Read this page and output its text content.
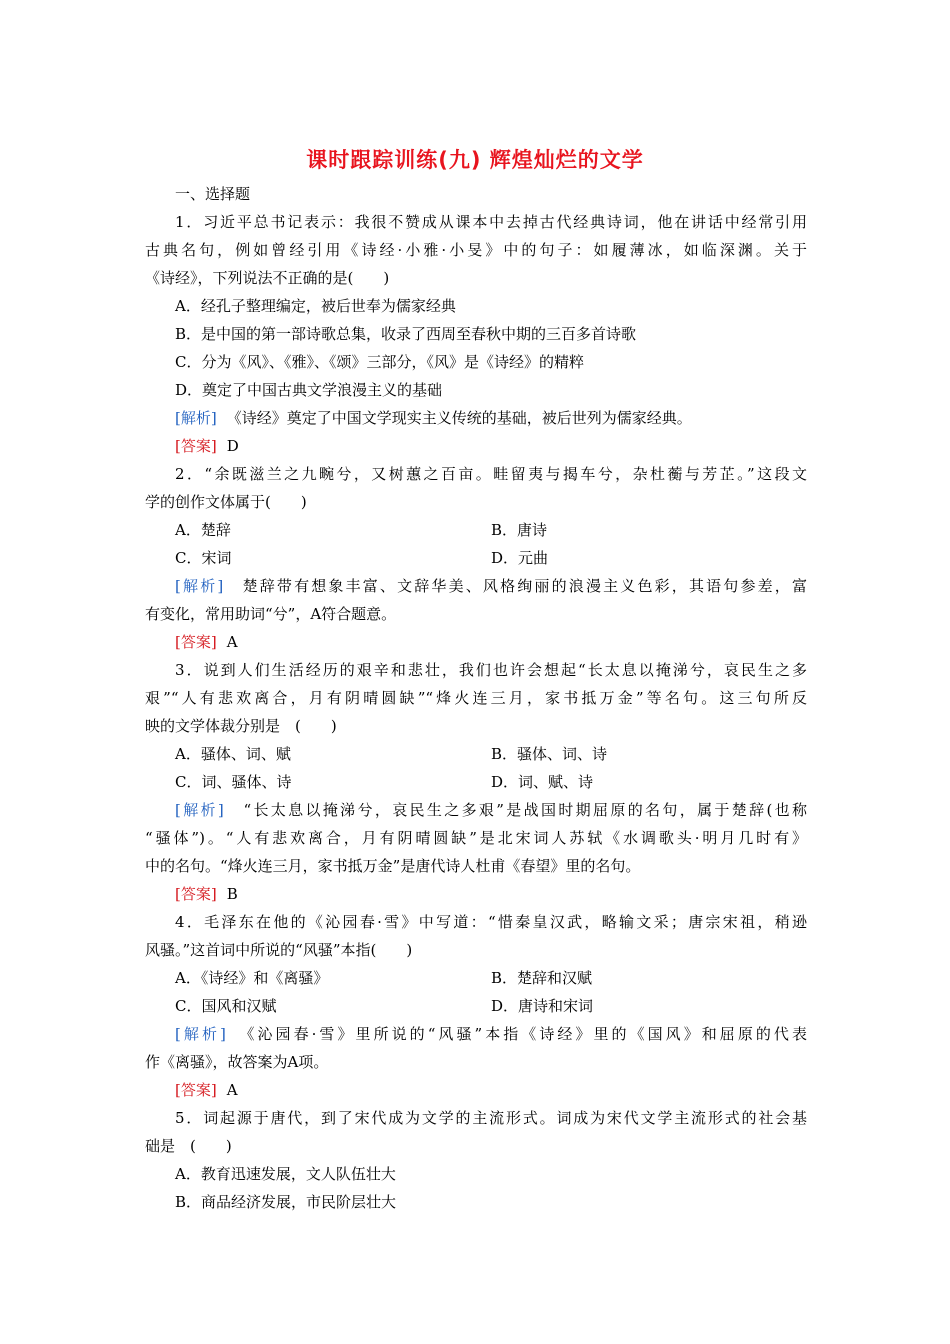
课时跟踪训练(九) 辉煌灿烂的文学
一、选择题
1．习近平总书记表示：我很不赞成从课本中去掉古代经典诗词，他在讲话中经常引用
古典名句，例如曾经引用《诗经·小雅·小旻》中的句子：如履薄冰，如临深渊。关于
《诗经》，下列说法不正确的是(　　)
A．经孔子整理编定，被后世奉为儒家经典
B．是中国的第一部诗歌总集，收录了西周至春秋中期的三百多首诗歌
C．分为《风》、《雅》、《颂》三部分，《风》是《诗经》的精粹
D．奠定了中国古典文学浪漫主义的基础
[解析] 《诗经》奠定了中国文学现实主义传统的基础，被后世列为儒家经典。
[答案] D
2．“余既滋兰之九畹兮，又树蕙之百亩。畦留夷与揭车兮，杂杜蘅与芳芷。”这段文
学的创作文体属于(　　)
A．楚辞	B．唐诗
C．宋词	D．元曲
[解析]　 楚辞带有想象丰富、文辞华美、风格绚丽的浪漫主义色彩，其语句参差，富
有变化，常用助词“兮”，A符合题意。
[答案] A
3．说到人们生活经历的艰辛和悲壮，我们也许会想起“长太息以掩涕兮，哀民生之多
艰”“人有悲欢离合，月有阴晴圆缺”“烽火连三月，家书抵万金”等名句。这三句所反
映的文学体裁分别是　(　　)
A．骚体、词、赋	B．骚体、词、诗
C．词、骚体、诗	D．词、赋、诗
[解析]　 “长太息以掩涕兮，哀民生之多艰”是战国时期屈原的名句，属于楚辞(也称
“骚体”)。“人有悲欢离合，月有阴晴圆缺”是北宋词人苏轼《水调歌头·明月几时有》
中的名句。“烽火连三月，家书抵万金”是唐代诗人杜甫《春望》里的名句。
[答案] B
4．毛泽东在他的《沁园春·雪》中写道：“惜秦皇汉武，略输文采；唐宗宋祖，稍逊
风骚。”这首词中所说的“风骚”本指(　　)
A．《诗经》和《离骚》	B．楚辞和汉赋
C．国风和汉赋	D．唐诗和宋词
[解析]　 《沁园春·雪》里所说的“风骚”本指《诗经》里的《国风》和屈原的代表
作《离骚》，故答案为A项。
[答案] A
5．词起源于唐代，到了宋代成为文学的主流形式。词成为宋代文学主流形式的社会基
础是　(　　)
A．教育迅速发展，文人队伍壮大
B．商品经济发展，市民阶层壮大
